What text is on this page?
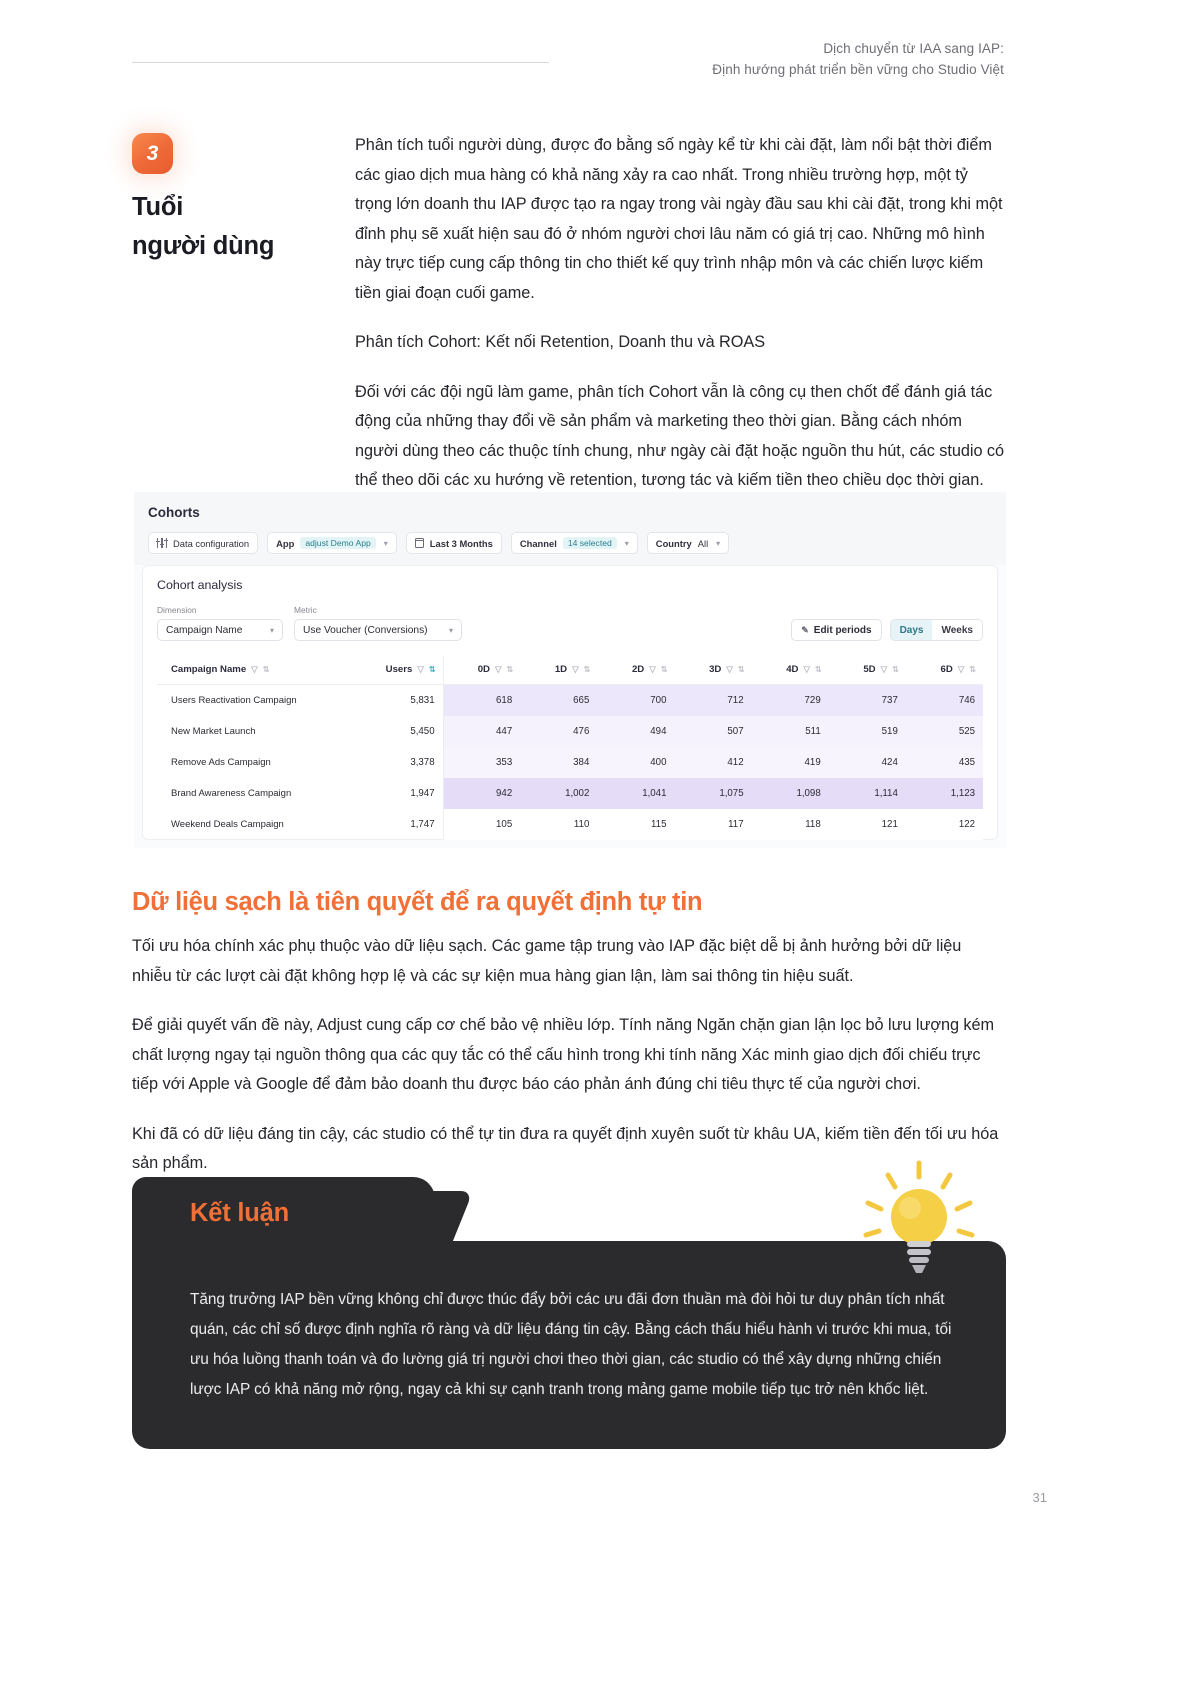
Dịch chuyển từ IAA sang IAP:
Định hướng phát triển bền vững cho Studio Việt
3
Tuổi
người dùng

Phân tích tuổi người dùng, được đo bằng số ngày kể từ khi cài đặt, làm nổi bật thời điểm các giao dịch mua hàng có khả năng xảy ra cao nhất. Trong nhiều trường hợp, một tỷ trọng lớn doanh thu IAP được tạo ra ngay trong vài ngày đầu sau khi cài đặt, trong khi một đỉnh phụ sẽ xuất hiện sau đó ở nhóm người chơi lâu năm có giá trị cao. Những mô hình này trực tiếp cung cấp thông tin cho thiết kế quy trình nhập môn và các chiến lược kiếm tiền giai đoạn cuối game.

Phân tích Cohort: Kết nối Retention, Doanh thu và ROAS

Đối với các đội ngũ làm game, phân tích Cohort vẫn là công cụ then chốt để đánh giá tác động của những thay đổi về sản phẩm và marketing theo thời gian. Bằng cách nhóm người dùng theo các thuộc tính chung, như ngày cài đặt hoặc nguồn thu hút, các studio có thể theo dõi các xu hướng về retention, tương tác và kiếm tiền theo chiều dọc thời gian.

Cohorts
Data configuration	App	adjust Demo App	▾	Last 3 Months	Channel	14 selected	▾	Country All ▾
Cohort analysis
Dimension
Campaign Name	▾
Metric
Use Voucher (Conversions)	▾	✎ Edit periods	Days	Weeks
Campaign Name ▽ ⇅	Users ▽ ⇅	0D ▽ ⇅	1D ▽ ⇅	2D ▽ ⇅	3D ▽ ⇅	4D ▽ ⇅	5D ▽ ⇅	6D ▽ ⇅

Users Reactivation Campaign	5,831	618	665	700	712	729	737	746
New Market Launch	5,450	447	476	494	507	511	519	525
Remove Ads Campaign	3,378	353	384	400	412	419	424	435
Brand Awareness Campaign	1,947	942	1,002	1,041	1,075	1,098	1,114	1,123
Weekend Deals Campaign	1,747	105	110	115	117	118	121	122
Dữ liệu sạch là tiên quyết để ra quyết định tự tin

Tối ưu hóa chính xác phụ thuộc vào dữ liệu sạch. Các game tập trung vào IAP đặc biệt dễ bị ảnh hưởng bởi dữ liệu nhiễu từ các lượt cài đặt không hợp lệ và các sự kiện mua hàng gian lận, làm sai thông tin hiệu suất.

Để giải quyết vấn đề này, Adjust cung cấp cơ chế bảo vệ nhiều lớp. Tính năng Ngăn chặn gian lận lọc bỏ lưu lượng kém chất lượng ngay tại nguồn thông qua các quy tắc có thể cấu hình trong khi tính năng Xác minh giao dịch đối chiếu trực tiếp với Apple và Google để đảm bảo doanh thu được báo cáo phản ánh đúng chi tiêu thực tế của người chơi.

Khi đã có dữ liệu đáng tin cậy, các studio có thể tự tin đưa ra quyết định xuyên suốt từ khâu UA, kiếm tiền đến tối ưu hóa sản phẩm.

Kết luận
Tăng trưởng IAP bền vững không chỉ được thúc đẩy bởi các ưu đãi đơn thuần mà đòi hỏi tư duy phân tích nhất quán, các chỉ số được định nghĩa rõ ràng và dữ liệu đáng tin cậy. Bằng cách thấu hiểu hành vi trước khi mua, tối ưu hóa luồng thanh toán và đo lường giá trị người chơi theo thời gian, các studio có thể xây dựng những chiến lược IAP có khả năng mở rộng, ngay cả khi sự cạnh tranh trong mảng game mobile tiếp tục trở nên khốc liệt.
31
